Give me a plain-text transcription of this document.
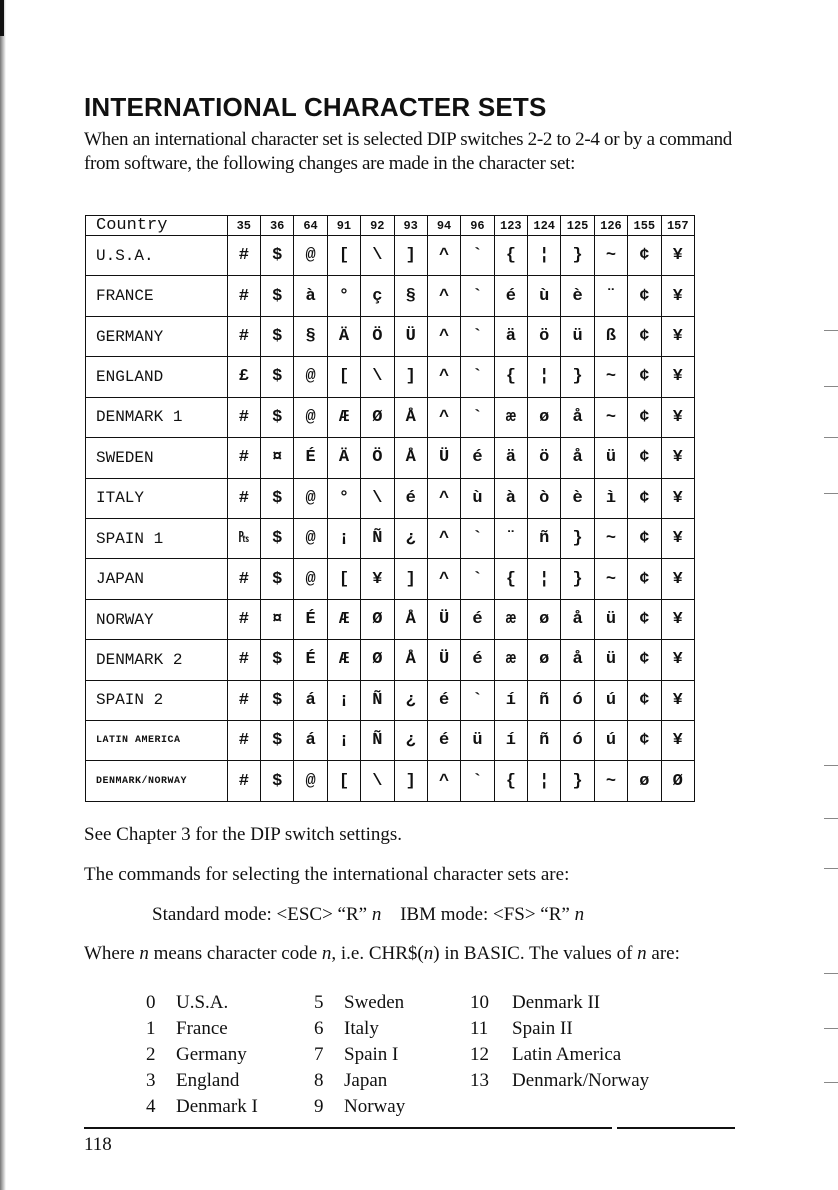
INTERNATIONAL CHARACTER SETS

When an international character set is selected DIP switches 2-2 to 2-4 or by a command from software, the following changes are made in the character set:

Country	35	36	64	91	92	93	94	96	123	124	125	126	155	157
U.S.A.	#	$	@	[	\	]	^	`	{	¦	}	~	¢	¥
FRANCE	#	$	à	°	ç	§	^	`	é	ù	è	¨	¢	¥
GERMANY	#	$	§	Ä	Ö	Ü	^	`	ä	ö	ü	ß	¢	¥
ENGLAND	£	$	@	[	\	]	^	`	{	¦	}	~	¢	¥
DENMARK 1	#	$	@	Æ	Ø	Å	^	`	æ	ø	å	~	¢	¥
SWEDEN	#	¤	É	Ä	Ö	Å	Ü	é	ä	ö	å	ü	¢	¥
ITALY	#	$	@	°	\	é	^	ù	à	ò	è	ì	¢	¥
SPAIN 1	₧	$	@	¡	Ñ	¿	^	`	¨	ñ	}	~	¢	¥
JAPAN	#	$	@	[	¥	]	^	`	{	¦	}	~	¢	¥
NORWAY	#	¤	É	Æ	Ø	Å	Ü	é	æ	ø	å	ü	¢	¥
DENMARK 2	#	$	É	Æ	Ø	Å	Ü	é	æ	ø	å	ü	¢	¥
SPAIN 2	#	$	á	¡	Ñ	¿	é	`	í	ñ	ó	ú	¢	¥
LATIN AMERICA	#	$	á	¡	Ñ	¿	é	ü	í	ñ	ó	ú	¢	¥
DENMARK/NORWAY	#	$	@	[	\	]	^	`	{	¦	}	~	ø	Ø

See Chapter 3 for the DIP switch settings.

The commands for selecting the international character sets are:

Standard mode: <ESC> “R” n IBM mode: <FS> “R” n

Where n means character code n, i.e. CHR$(n) in BASIC. The values of n are:

0 U.S.A.
1 France
2 Germany
3 England
4 Denmark I
5 Sweden
6 Italy
7 Spain I
8 Japan
9 Norway
10 Denmark II
11 Spain II
12 Latin America
13 Denmark/Norway

118
